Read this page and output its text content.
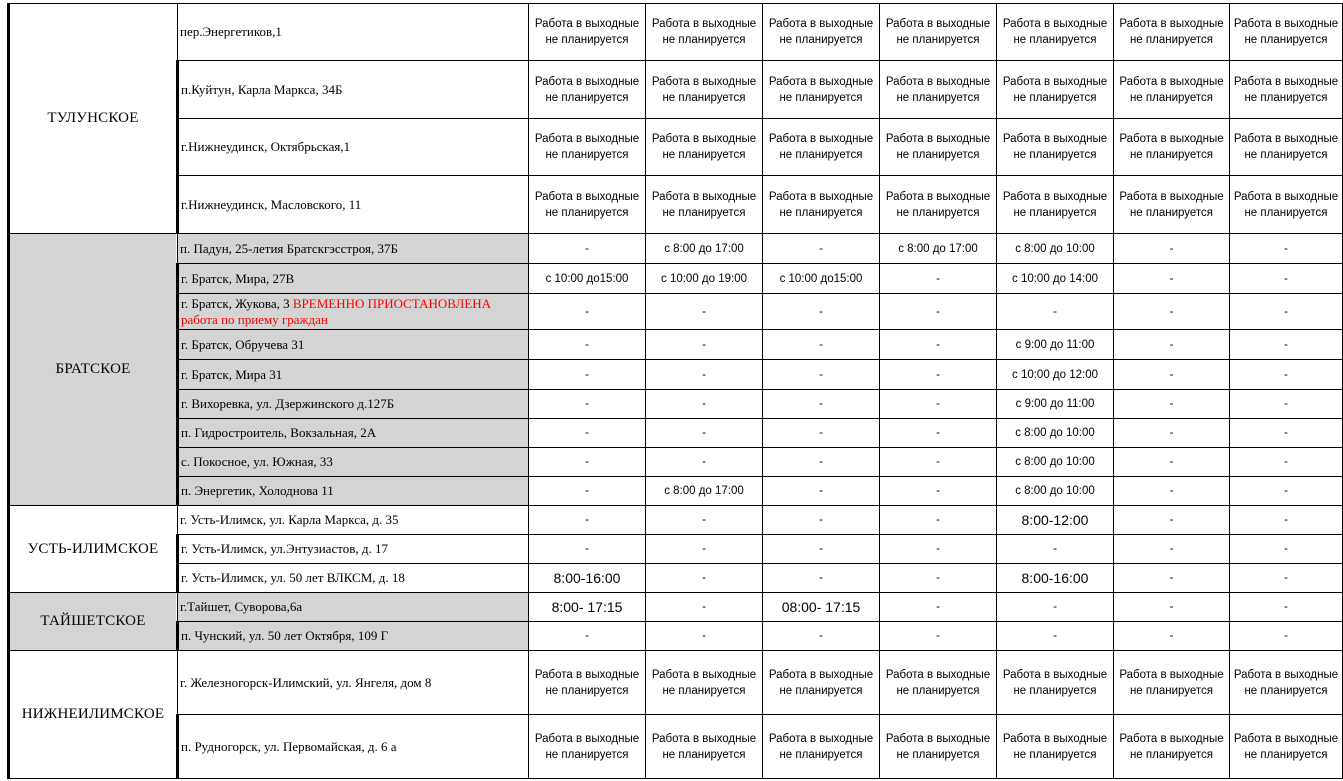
ТУЛУНСКОЕ	пер.Энергетиков,1	Работа в выходные не планируется	Работа в выходные не планируется	Работа в выходные не планируется	Работа в выходные не планируется	Работа в выходные не планируется	Работа в выходные не планируется	Работа в выходные не планируется
	п.Куйтун, Карла Маркса, 34Б	Работа в выходные не планируется	Работа в выходные не планируется	Работа в выходные не планируется	Работа в выходные не планируется	Работа в выходные не планируется	Работа в выходные не планируется	Работа в выходные не планируется
	г.Нижнеудинск, Октябрьская,1	Работа в выходные не планируется	Работа в выходные не планируется	Работа в выходные не планируется	Работа в выходные не планируется	Работа в выходные не планируется	Работа в выходные не планируется	Работа в выходные не планируется
	г.Нижнеудинск, Масловского, 11	Работа в выходные не планируется	Работа в выходные не планируется	Работа в выходные не планируется	Работа в выходные не планируется	Работа в выходные не планируется	Работа в выходные не планируется	Работа в выходные не планируется
БРАТСКОЕ	п. Падун, 25-летия Братскгэсстроя, 37Б	-	с 8:00 до 17:00	-	с 8:00 до 17:00	с 8:00 до 10:00	-	-
	г. Братск, Мира, 27В	с 10:00 до15:00	с 10:00 до 19:00	с 10:00 до15:00	-	с 10:00 до 14:00	-	-
	г. Братск, Жукова, 3 ВРЕМЕННО ПРИОСТАНОВЛЕНА работа по приему граждан	-	-	-	-	-	-	-
	г. Братск, Обручева 31	-	-	-	-	с 9:00 до 11:00	-	-
	г. Братск, Мира 31	-	-	-	-	с 10:00 до 12:00	-	-
	г. Вихоревка, ул. Дзержинского д.127Б	-	-	-	-	с 9:00 до 11:00	-	-
	п. Гидростроитель, Вокзальная, 2А	-	-	-	-	с 8:00 до 10:00	-	-
	с. Покосное, ул. Южная, 33	-	-	-	-	с 8:00 до 10:00	-	-
	п. Энергетик, Холоднова 11	-	с 8:00 до 17:00	-	-	с 8:00 до 10:00	-	-
УСТЬ-ИЛИМСКОЕ	г. Усть-Илимск, ул. Карла Маркса, д. 35	-	-	-	-	8:00-12:00	-	-
	г. Усть-Илимск, ул.Энтузиастов, д. 17	-	-	-	-	-	-	-
	г. Усть-Илимск, ул. 50 лет ВЛКСМ, д. 18	8:00-16:00	-	-	-	8:00-16:00	-	-
ТАЙШЕТСКОЕ	г.Тайшет, Суворова,6а	8:00- 17:15	-	08:00- 17:15	-	-	-	-
	п. Чунский, ул. 50 лет Октября, 109 Г	-	-	-	-	-	-	-
НИЖНЕИЛИМСКОЕ	г. Железногорск-Илимский, ул. Янгеля, дом 8	Работа в выходные не планируется	Работа в выходные не планируется	Работа в выходные не планируется	Работа в выходные не планируется	Работа в выходные не планируется	Работа в выходные не планируется	Работа в выходные не планируется
	п. Рудногорск, ул. Первомайская, д. 6 а	Работа в выходные не планируется	Работа в выходные не планируется	Работа в выходные не планируется	Работа в выходные не планируется	Работа в выходные не планируется	Работа в выходные не планируется	Работа в выходные не планируется
